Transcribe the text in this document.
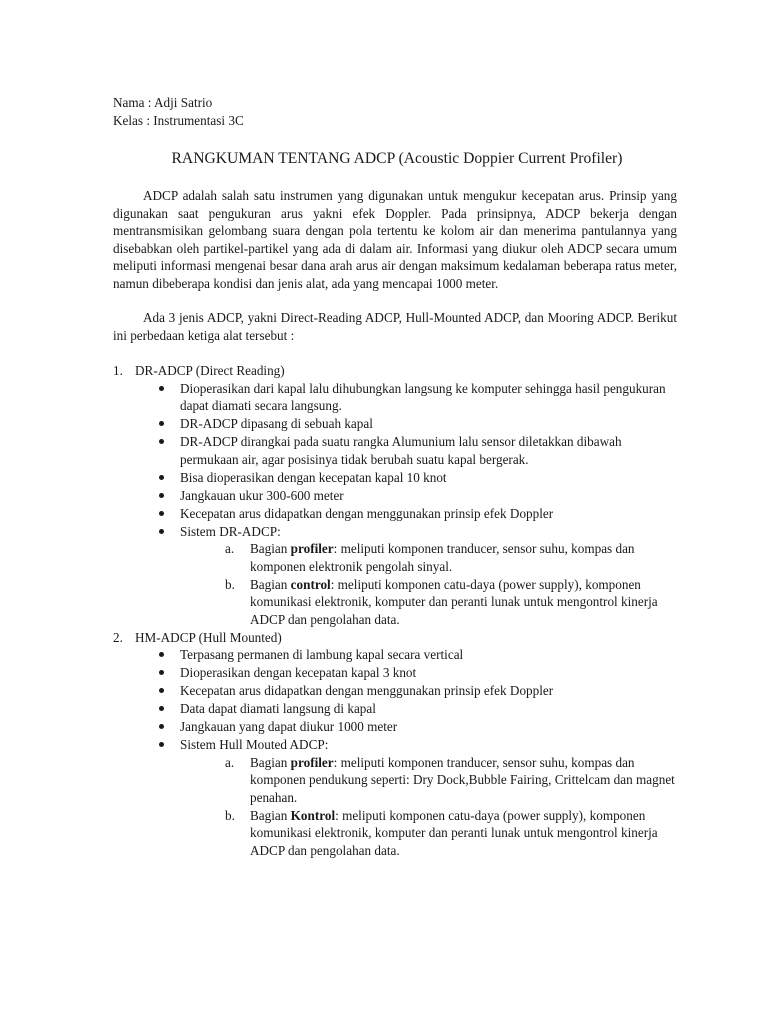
Nama : Adji Satrio

Kelas : Instrumentasi 3C

RANGKUMAN TENTANG ADCP (Acoustic Doppier Current Profiler)

ADCP adalah salah satu instrumen yang digunakan untuk mengukur kecepatan arus. Prinsip yang digunakan saat pengukuran arus yakni efek Doppler. Pada prinsipnya, ADCP bekerja dengan mentransmisikan gelombang suara dengan pola tertentu ke kolom air dan menerima pantulannya yang disebabkan oleh partikel-partikel yang ada di dalam air. Informasi yang diukur oleh ADCP secara umum meliputi informasi mengenai besar dana arah arus air dengan maksimum kedalaman beberapa ratus meter, namun dibeberapa kondisi dan jenis alat, ada yang mencapai 1000 meter.

Ada 3 jenis ADCP, yakni Direct-Reading ADCP, Hull-Mounted ADCP, dan Mooring ADCP. Berikut ini perbedaan ketiga alat tersebut :

1. DR-ADCP (Direct Reading)
Dioperasikan dari kapal lalu dihubungkan langsung ke komputer sehingga hasil pengukuran dapat diamati secara langsung.
DR-ADCP dipasang di sebuah kapal
DR-ADCP dirangkai pada suatu rangka Alumunium lalu sensor diletakkan dibawah permukaan air, agar posisinya tidak berubah suatu kapal bergerak.
Bisa dioperasikan dengan kecepatan kapal 10 knot
Jangkauan ukur 300-600 meter
Kecepatan arus didapatkan dengan menggunakan prinsip efek Doppler
Sistem DR-ADCP:
a. Bagian profiler: meliputi komponen tranducer, sensor suhu, kompas dan komponen elektronik pengolah sinyal.
b. Bagian control: meliputi komponen catu-daya (power supply), komponen komunikasi elektronik, komputer dan peranti lunak untuk mengontrol kinerja ADCP dan pengolahan data.
2. HM-ADCP (Hull Mounted)
Terpasang permanen di lambung kapal secara vertical
Dioperasikan dengan kecepatan kapal 3 knot
Kecepatan arus didapatkan dengan menggunakan prinsip efek Doppler
Data dapat diamati langsung di kapal
Jangkauan yang dapat diukur 1000 meter
Sistem Hull Mouted ADCP:
a. Bagian profiler: meliputi komponen tranducer, sensor suhu, kompas dan komponen pendukung seperti: Dry Dock,Bubble Fairing, Crittelcam dan magnet penahan.
b. Bagian Kontrol: meliputi komponen catu-daya (power supply), komponen komunikasi elektronik, komputer dan peranti lunak untuk mengontrol kinerja ADCP dan pengolahan data.
